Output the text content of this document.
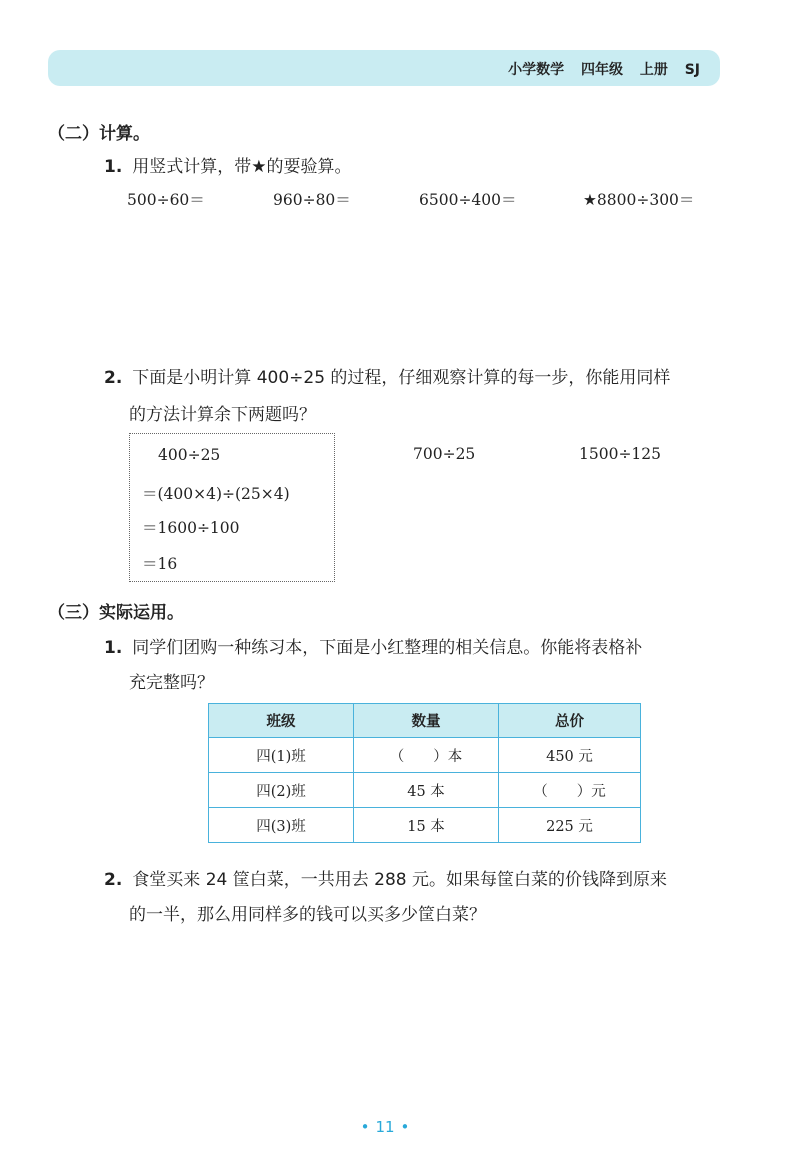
小学数学 四年级 上册 SJ
（二）计算。
1. 用竖式计算，带★的要验算。
500÷60＝	960÷80＝	6500÷400＝	★8800÷300＝
2. 下面是小明计算 400÷25 的过程，仔细观察计算的每一步，你能用同样
的方法计算余下两题吗？
400÷25
＝(400×4)÷(25×4)
＝1600÷100
＝16
700÷25	1500÷125
（三）实际运用。
1. 同学们团购一种练习本，下面是小红整理的相关信息。你能将表格补
充完整吗？
班级	数量	总价
四(1)班	（　　）本	450 元
四(2)班	45 本	（　　）元
四(3)班	15 本	225 元
2. 食堂买来 24 筐白菜，一共用去 288 元。如果每筐白菜的价钱降到原来
的一半，那么用同样多的钱可以买多少筐白菜？
• 11 •
